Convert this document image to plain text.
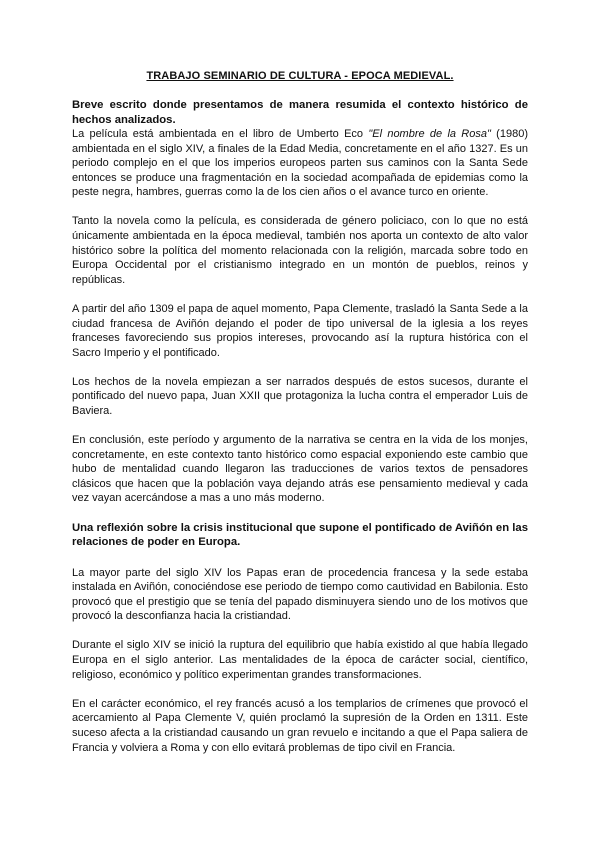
TRABAJO SEMINARIO DE CULTURA - EPOCA MEDIEVAL.

Breve escrito donde presentamos de manera resumida el contexto histórico de hechos analizados.

La película está ambientada en el libro de Umberto Eco "El nombre de la Rosa" (1980) ambientada en el siglo XIV, a finales de la Edad Media, concretamente en el año 1327. Es un periodo complejo en el que los imperios europeos parten sus caminos con la Santa Sede entonces se produce una fragmentación en la sociedad acompañada de epidemias como la peste negra, hambres, guerras como la de los cien años o el avance turco en oriente.

Tanto la novela como la película, es considerada de género policiaco, con lo que no está únicamente ambientada en la época medieval, también nos aporta un contexto de alto valor histórico sobre la política del momento relacionada con la religión, marcada sobre todo en Europa Occidental por el cristianismo integrado en un montón de pueblos, reinos y repúblicas.

A partir del año 1309 el papa de aquel momento, Papa Clemente, trasladó la Santa Sede a la ciudad francesa de Aviñón dejando el poder de tipo universal de la iglesia a los reyes franceses favoreciendo sus propios intereses, provocando así la ruptura histórica con el Sacro Imperio y el pontificado.

Los hechos de la novela empiezan a ser narrados después de estos sucesos, durante el pontificado del nuevo papa, Juan XXII que protagoniza la lucha contra el emperador Luis de Baviera.

En conclusión, este período y argumento de la narrativa se centra en la vida de los monjes, concretamente, en este contexto tanto histórico como espacial exponiendo este cambio que hubo de mentalidad cuando llegaron las traducciones de varios textos de pensadores clásicos que hacen que la población vaya dejando atrás ese pensamiento medieval y cada vez vayan acercándose a mas a uno más moderno.

Una reflexión sobre la crisis institucional que supone el pontificado de Aviñón en las relaciones de poder en Europa.

La mayor parte del siglo XIV los Papas eran de procedencia francesa y la sede estaba instalada en Aviñón, conociéndose ese periodo de tiempo como cautividad en Babilonia. Esto provocó que el prestigio que se tenía del papado disminuyera siendo uno de los motivos que provocó la desconfianza hacia la cristiandad.

Durante el siglo XIV se inició la ruptura del equilibrio que había existido al que había llegado Europa en el siglo anterior. Las mentalidades de la época de carácter social, científico, religioso, económico y político experimentan grandes transformaciones.

En el carácter económico, el rey francés acusó a los templarios de crímenes que provocó el acercamiento al Papa Clemente V, quién proclamó la supresión de la Orden en 1311. Este suceso afecta a la cristiandad causando un gran revuelo e incitando a que el Papa saliera de Francia y volviera a Roma y con ello evitará problemas de tipo civil en Francia.
